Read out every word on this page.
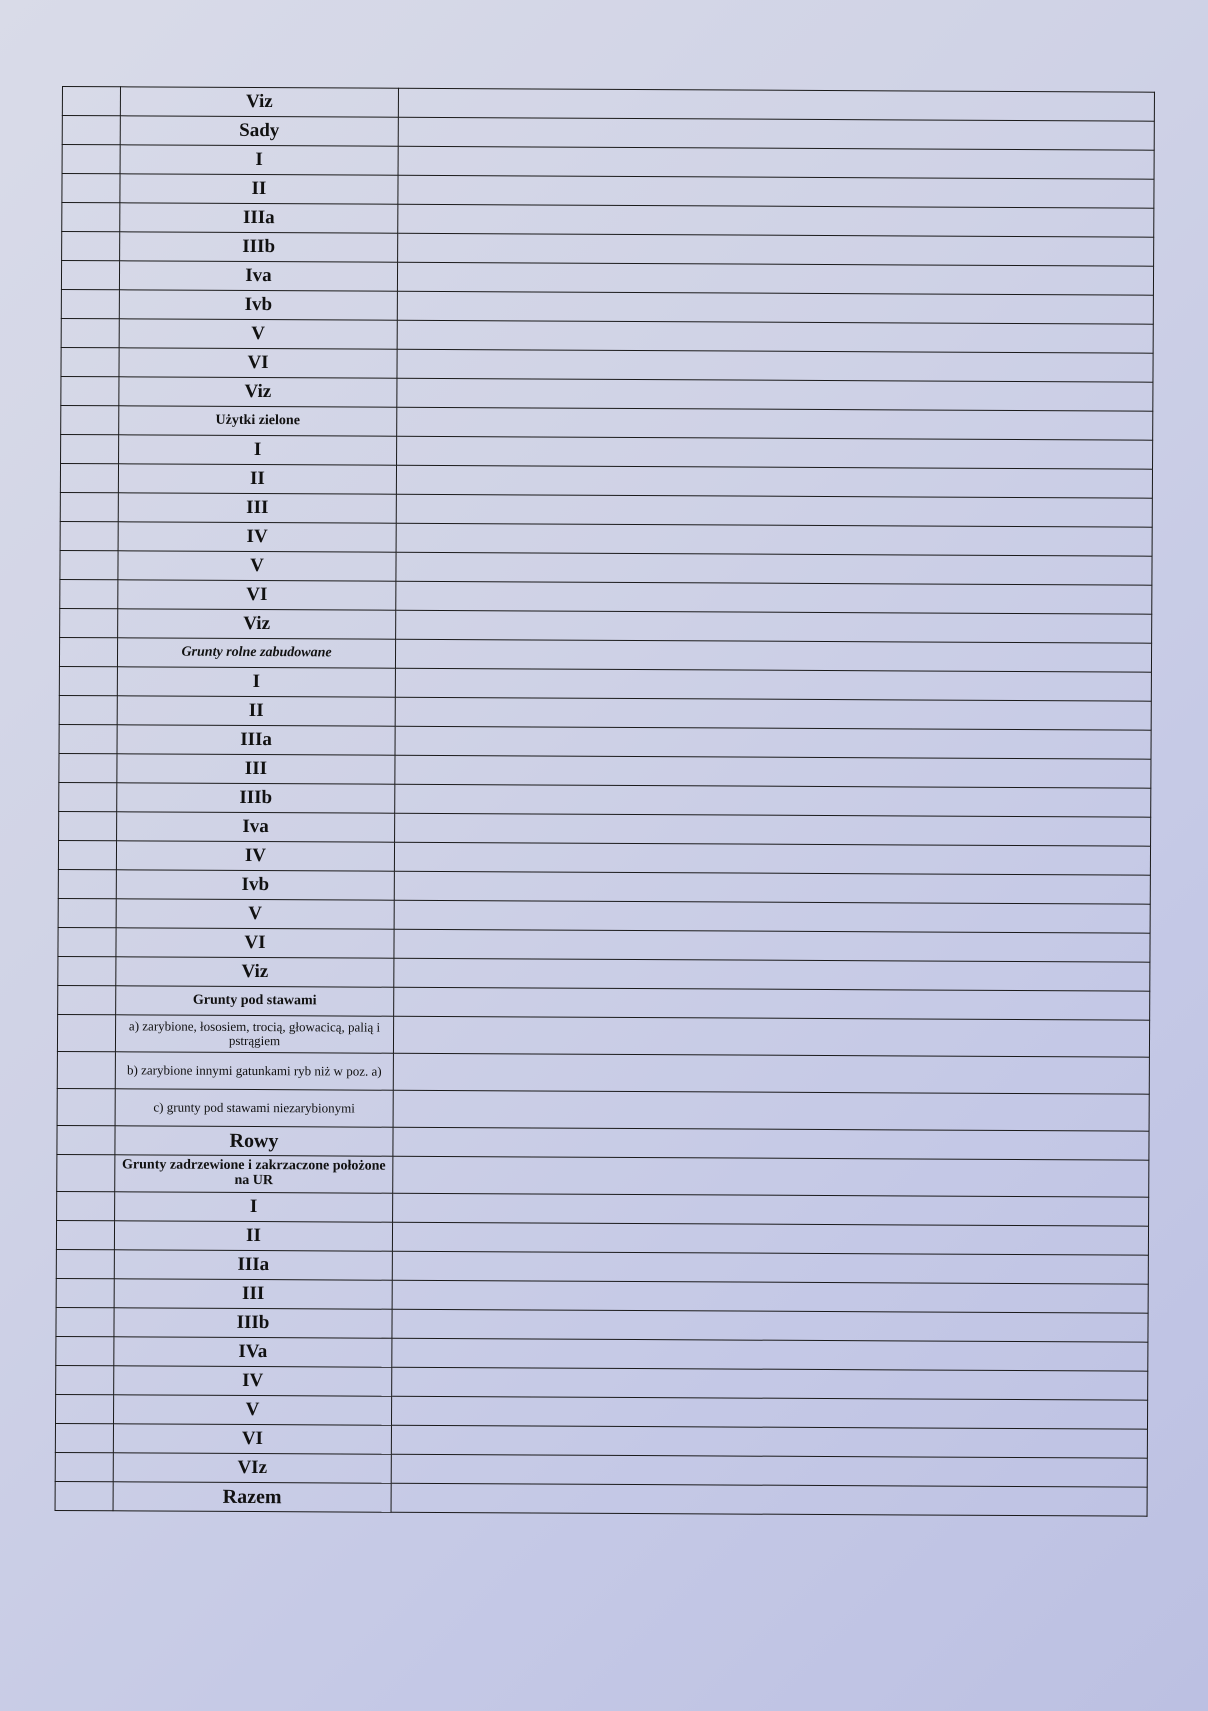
	Viz	
	Sady	
	I	
	II	
	IIIa	
	IIIb	
	Iva	
	Ivb	
	V	
	VI	
	Viz	
	Użytki zielone	
	I	
	II	
	III	
	IV	
	V	
	VI	
	Viz	
	Grunty rolne zabudowane	
	I	
	II	
	IIIa	
	III	
	IIIb	
	Iva	
	IV	
	Ivb	
	V	
	VI	
	Viz	
	Grunty pod stawami	
	a) zarybione, łososiem, trocią, głowacicą, palią i pstrągiem	
	b) zarybione innymi gatunkami ryb niż w poz. a)	
	c) grunty pod stawami niezarybionymi	
	Rowy	
	Grunty zadrzewione i zakrzaczone położone na UR	
	I	
	II	
	IIIa	
	III	
	IIIb	
	IVa	
	IV	
	V	
	VI	
	VIz	
	Razem	
